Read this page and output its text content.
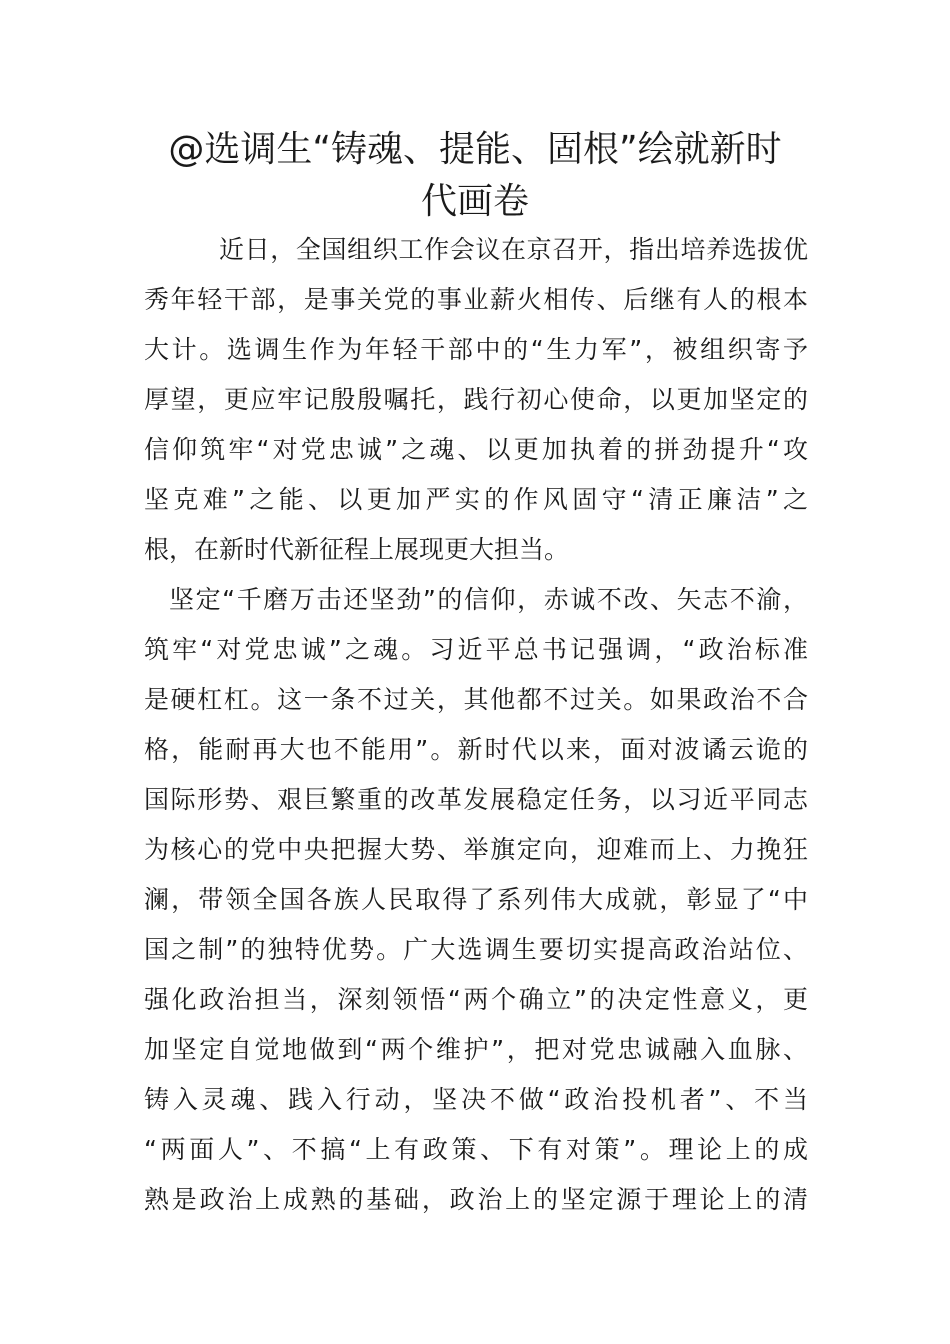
@选调生“铸魂、提能、固根”绘就新时
代画卷

近日，全国组织工作会议在京召开，指出培养选拔优

秀年轻干部，是事关党的事业薪火相传、后继有人的根本

大计。选调生作为年轻干部中的“生力军”，被组织寄予

厚望，更应牢记殷殷嘱托，践行初心使命，以更加坚定的

信仰筑牢“对党忠诚”之魂、以更加执着的拼劲提升“攻

坚克难”之能、以更加严实的作风固守“清正廉洁”之

根，在新时代新征程上展现更大担当。

坚定“千磨万击还坚劲”的信仰，赤诚不改、矢志不渝，

筑牢“对党忠诚”之魂。习近平总书记强调，“政治标准

是硬杠杠。这一条不过关，其他都不过关。如果政治不合

格，能耐再大也不能用”。新时代以来，面对波谲云诡的

国际形势、艰巨繁重的改革发展稳定任务，以习近平同志

为核心的党中央把握大势、举旗定向，迎难而上、力挽狂

澜，带领全国各族人民取得了系列伟大成就，彰显了“中

国之制”的独特优势。广大选调生要切实提高政治站位、

强化政治担当，深刻领悟“两个确立”的决定性意义，更

加坚定自觉地做到“两个维护”，把对党忠诚融入血脉、

铸入灵魂、践入行动，坚决不做“政治投机者”、不当

“两面人”、不搞“上有政策、下有对策”。理论上的成

熟是政治上成熟的基础，政治上的坚定源于理论上的清
